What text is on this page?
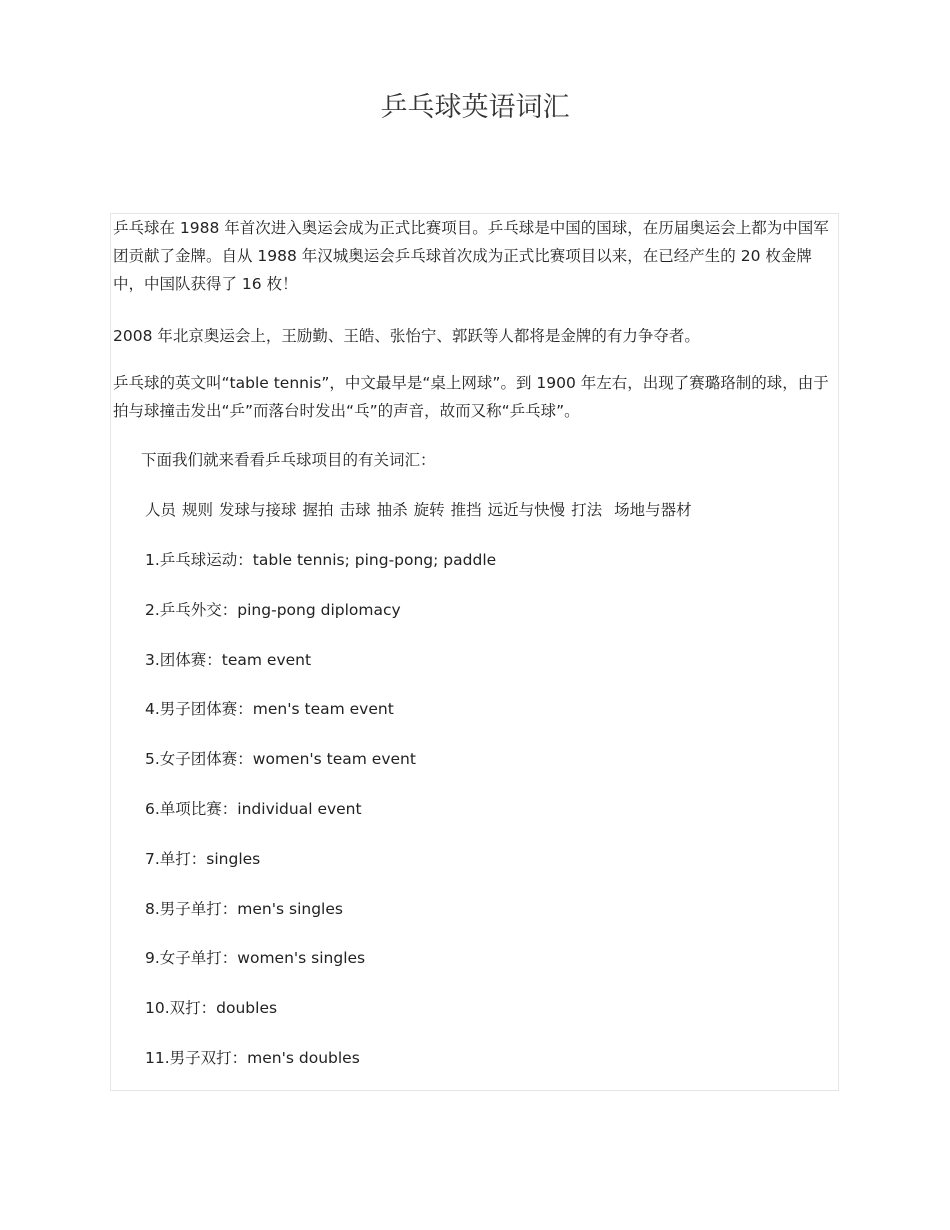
乒乓球英语词汇

乒乓球在 1988 年首次进入奥运会成为正式比赛项目。乒乓球是中国的国球，在历届奥运会上都为中国军团贡献了金牌。自从 1988 年汉城奥运会乒乓球首次成为正式比赛项目以来，在已经产生的 20 枚金牌中，中国队获得了 16 枚！

2008 年北京奥运会上，王励勤、王皓、张怡宁、郭跃等人都将是金牌的有力争夺者。

乒乓球的英文叫“table tennis”，中文最早是“桌上网球”。到 1900 年左右，出现了赛璐珞制的球，由于拍与球撞击发出“乒”而落台时发出“乓”的声音，故而又称“乒乓球”。

下面我们就来看看乒乓球项目的有关词汇：

人员 规则 发球与接球 握拍 击球 抽杀 旋转 推挡 远近与快慢 打法 场地与器材

1.乒乓球运动：table tennis; ping-pong; paddle
2.乒乓外交：ping-pong diplomacy
3.团体赛：team event
4.男子团体赛：men's team event
5.女子团体赛：women's team event
6.单项比赛：individual event
7.单打：singles
8.男子单打：men's singles
9.女子单打：women's singles
10.双打：doubles
11.男子双打：men's doubles
